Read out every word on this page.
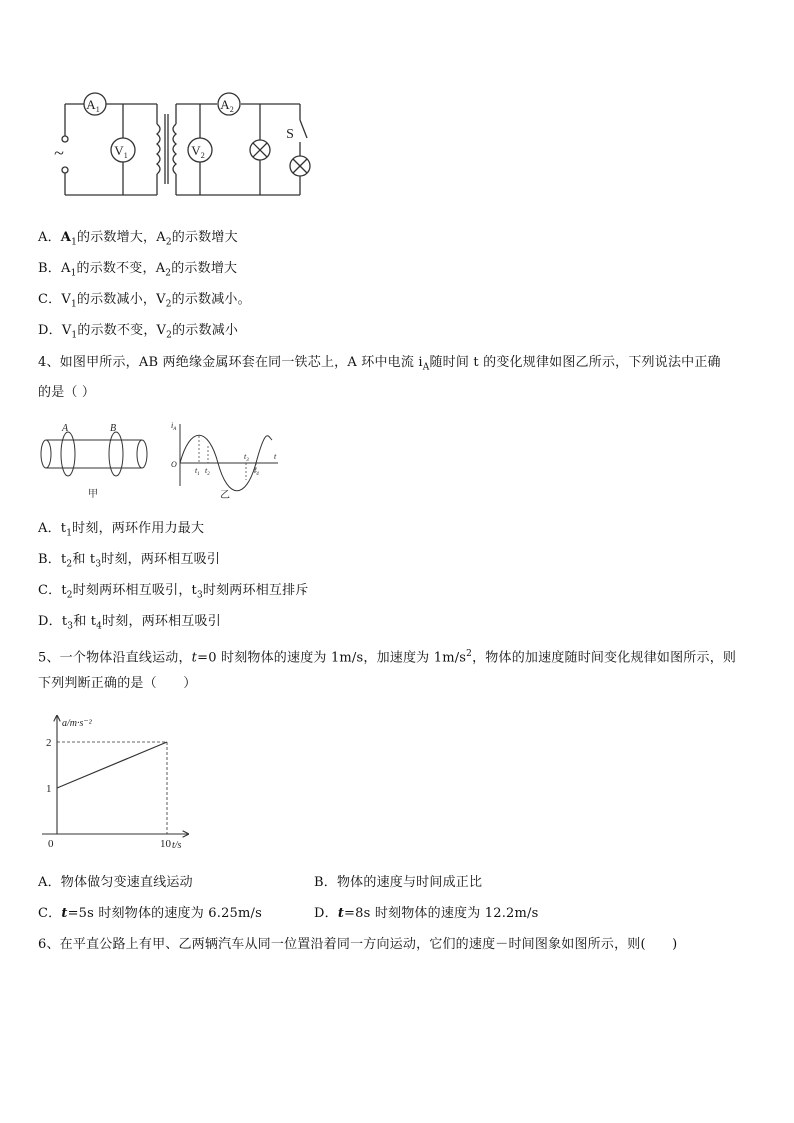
$A_1$
$V_1$
$A_2$
$V_2$
S
~
A．$A_1$的示数增大，$A_2$的示数增大
B．$A_1$的示数不变，$A_2$的示数增大
C．$V_1$的示数减小，$V_2$的示数减小。
D．$V_1$的示数不变，$V_2$的示数减小
4、如图甲所示，AB 两绝缘金属环套在同一铁芯上，A 环中电流 $i_A$随时间 t 的变化规律如图乙所示，下列说法中正确
的是（ ）
A	B
甲
$i_A$
O
t
$t_1$ $t_2$
$t_3$
$t_4$
乙
A．$t_1$时刻，两环作用力最大
B．$t_2$和 $t_3$时刻，两环相互吸引
C．$t_2$时刻两环相互吸引，$t_3$时刻两环相互排斥
D．$t_3$和 $t_4$时刻，两环相互吸引
5、一个物体沿直线运动，t=0 时刻物体的速度为 1m/s，加速度为 $1m/s^2$，物体的加速度随时间变化规律如图所示，则
下列判断正确的是（　　）
a/m·s⁻²
t/s
1
2
0	10
A．物体做匀变速直线运动	B．物体的速度与时间成正比
C．t=5s 时刻物体的速度为 6.25m/s	D．t=8s 时刻物体的速度为 12.2m/s
6、在平直公路上有甲、乙两辆汽车从同一位置沿着同一方向运动，它们的速度－时间图象如图所示，则(　　)
